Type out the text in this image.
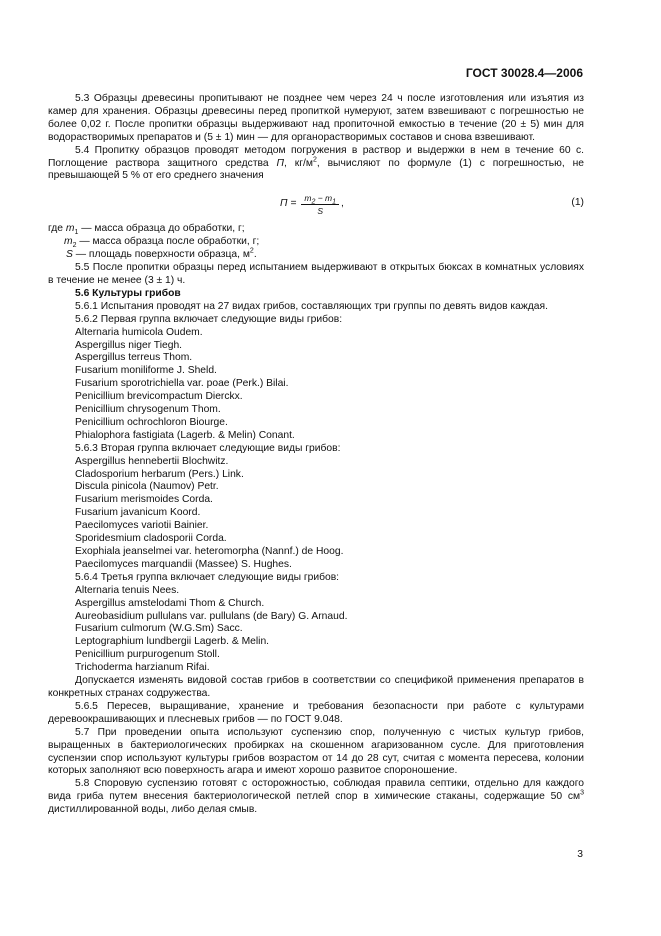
ГОСТ 30028.4—2006

5.3 Образцы древесины пропитывают не позднее чем через 24 ч после изготовления или изъятия из камер для хранения. Образцы древесины перед пропиткой нумеруют, затем взвешивают с погрешностью не более 0,02 г. После пропитки образцы выдерживают над пропиточной емкостью в течение (20 ± 5) мин для водорастворимых препаратов и (5 ± 1) мин — для органорастворимых составов и снова взвешивают.

5.4 Пропитку образцов проводят методом погружения в раствор и выдержки в нем в течение 60 с. Поглощение раствора защитного средства П, $кг/м^2$, вычисляют по формуле (1) с погрешностью, не превышающей 5 % от его среднего значения

$П = \frac{m_2 - m_1}{S}$ ,	(1)

где $m_1$ — масса образца до обработки, г;

$m_2$ — масса образца после обработки, г;

S — площадь поверхности образца, $м^2$.

5.5 После пропитки образцы перед испытанием выдерживают в открытых бюксах в комнатных условиях в течение не менее (3 ± 1) ч.

5.6 Культуры грибов

5.6.1 Испытания проводят на 27 видах грибов, составляющих три группы по девять видов каждая.

5.6.2 Первая группа включает следующие виды грибов:

Alternaria humicola Oudem.

Aspergillus niger Tiegh.

Aspergillus terreus Thom.

Fusarium moniliforme J. Sheld.

Fusarium sporotrichiella var. poae (Perk.) Bilai.

Penicillium brevicompactum Dierckx.

Penicillium chrysogenum Thom.

Penicillium ochrochloron Biourge.

Phialophora fastigiata (Lagerb. & Melin) Conant.

5.6.3 Вторая группа включает следующие виды грибов:

Aspergillus hennebertii Blochwitz.

Cladosporium herbarum (Pers.) Link.

Discula pinicola (Naumov) Petr.

Fusarium merismoides Corda.

Fusarium javanicum Koord.

Paecilomyces variotii Bainier.

Sporidesmium cladosporii Corda.

Exophiala jeanselmei var. heteromorpha (Nannf.) de Hoog.

Paecilomyces marquandii (Massee) S. Hughes.

5.6.4 Третья группа включает следующие виды грибов:

Alternaria tenuis Nees.

Aspergillus amstelodami Thom & Church.

Aureobasidium pullulans var. pullulans (de Bary) G. Arnaud.

Fusarium culmorum (W.G.Sm) Sacc.

Leptographium lundbergii Lagerb. & Melin.

Penicillium purpurogenum Stoll.

Trichoderma harzianum Rifai.

Допускается изменять видовой состав грибов в соответствии со спецификой применения препаратов в конкретных странах содружества.

5.6.5 Пересев, выращивание, хранение и требования безопасности при работе с культурами деревоокрашивающих и плесневых грибов — по ГОСТ 9.048.

5.7 При проведении опыта используют суспензию спор, полученную с чистых культур грибов, выращенных в бактериологических пробирках на скошенном агаризованном сусле. Для приготовления суспензии спор используют культуры грибов возрастом от 14 до 28 сут, считая с момента пересева, колонии которых заполняют всю поверхность агара и имеют хорошо развитое спороношение.

5.8 Споровую суспензию готовят с осторожностью, соблюдая правила септики, отдельно для каждого вида гриба путем внесения бактериологической петлей спор в химические стаканы, содержащие 50 $см^3$ дистиллированной воды, либо делая смыв.

3
